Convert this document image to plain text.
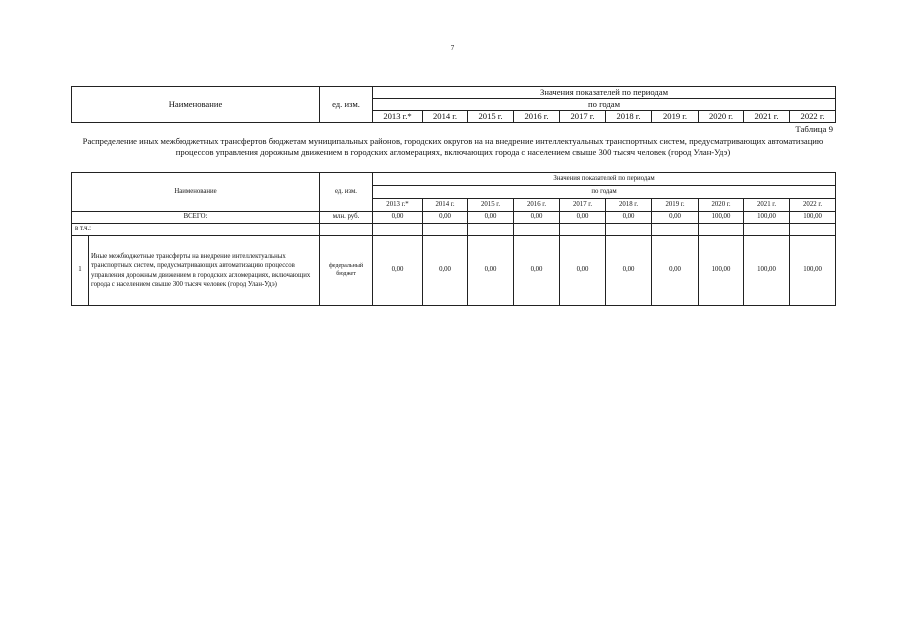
7
Наименование	ед. изм.	Значения показателей по периодам									
		по годам									
		2013 г.*	2014 г.	2015 г.	2016 г.	2017 г.	2018 г.	2019 г.	2020 г.	2021 г.	2022 г.
Таблица 9
Распределение иных межбюджетных трансфертов бюджетам муниципальных районов, городских округов на на внедрение интеллектуальных транспортных систем, предусматривающих автоматизацию процессов управления дорожным движением в городских агломерациях, включающих города с населением свыше 300 тысяч человек (город Улан-Удэ)
Наименование		ед. изм.	Значения показателей по периодам									
			по годам									
			2013 г.*	2014 г.	2015 г.	2016 г.	2017 г.	2018 г.	2019 г.	2020 г.	2021 г.	2022 г.
ВСЕГО:		млн. руб.	0,00	0,00	0,00	0,00	0,00	0,00	0,00	100,00	100,00	100,00
в т.ч.:												
1	Иные межбюджетные трансферты на внедрение интеллектуальных транспортных систем, предусматривающих автоматизацию процессов управления дорожным движением в городских агломерациях, включающих города с населением свыше 300 тысяч человек (город Улан-Удэ)	федеральный бюджет	0,00	0,00	0,00	0,00	0,00	0,00	0,00	100,00	100,00	100,00
